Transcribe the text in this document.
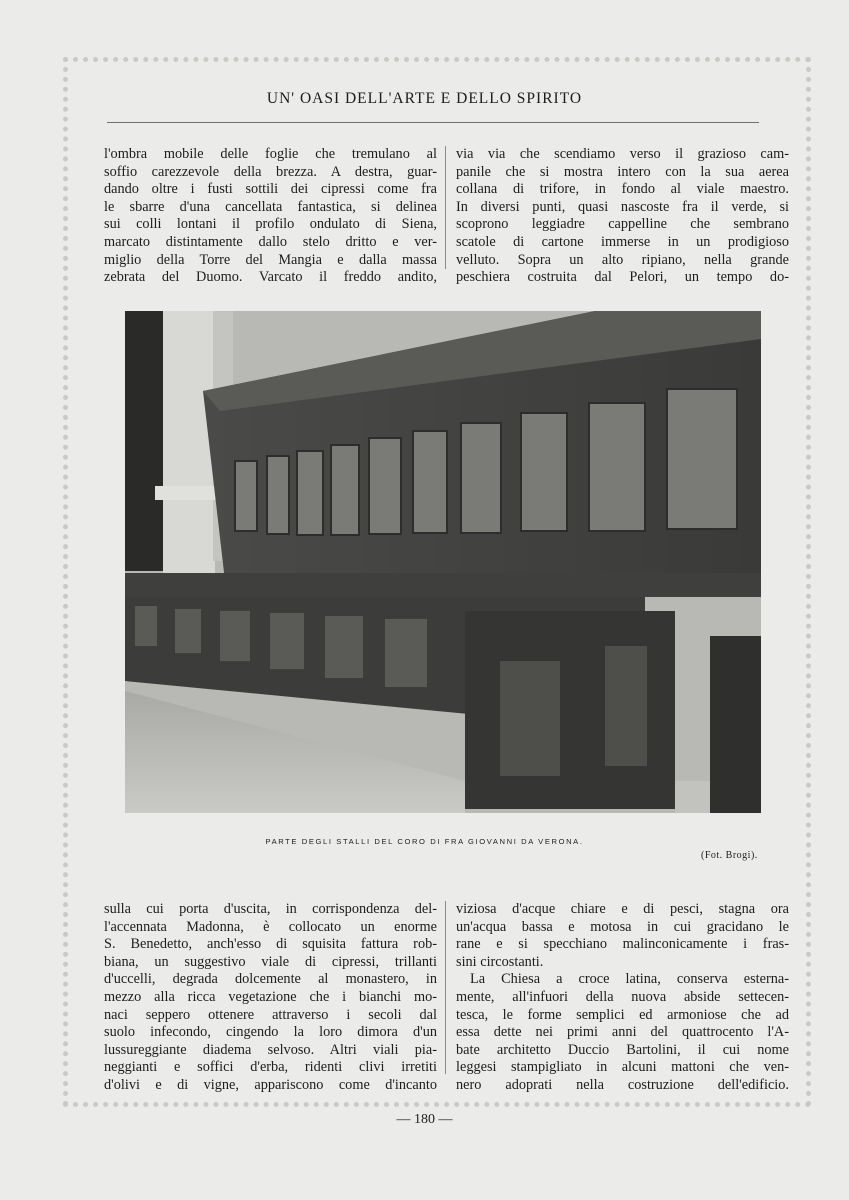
UN' OASI DELL'ARTE E DELLO SPIRITO

l'ombra mobile delle foglie che tremulano al
soffio carezzevole della brezza. A destra, guar-
dando oltre i fusti sottili dei cipressi come fra
le sbarre d'una cancellata fantastica, si delinea
sui colli lontani il profilo ondulato di Siena,
marcato distintamente dallo stelo dritto e ver-
miglio della Torre del Mangia e dalla massa
zebrata del Duomo. Varcato il freddo andito,

via via che scendiamo verso il grazioso cam-
panile che si mostra intero con la sua aerea
collana di trifore, in fondo al viale maestro.
In diversi punti, quasi nascoste fra il verde, si
scoprono leggiadre cappelline che sembrano
scatole di cartone immerse in un prodigioso
velluto. Sopra un alto ripiano, nella grande
peschiera costruita dal Pelori, un tempo do-

PARTE DEGLI STALLI DEL CORO DI FRA GIOVANNI DA VERONA.
(Fot. Brogi).

sulla cui porta d'uscita, in corrispondenza del-
l'accennata Madonna, è collocato un enorme
S. Benedetto, anch'esso di squisita fattura rob-
biana, un suggestivo viale di cipressi, trillanti
d'uccelli, degrada dolcemente al monastero, in
mezzo alla ricca vegetazione che i bianchi mo-
naci seppero ottenere attraverso i secoli dal
suolo infecondo, cingendo la loro dimora d'un
lussureggiante diadema selvoso. Altri viali pia-
neggianti e soffici d'erba, ridenti clivi irretiti
d'olivi e di vigne, appariscono come d'incanto

viziosa d'acque chiare e di pesci, stagna ora
un'acqua bassa e motosa in cui gracidano le
rane e si specchiano malinconicamente i fras-
sini circostanti.

La Chiesa a croce latina, conserva esterna-
mente, all'infuori della nuova abside settecen-
tesca, le forme semplici ed armoniose che ad
essa dette nei primi anni del quattrocento l'A-
bate architetto Duccio Bartolini, il cui nome
leggesi stampigliato in alcuni mattoni che ven-
nero adoprati nella costruzione dell'edificio.

— 180 —
